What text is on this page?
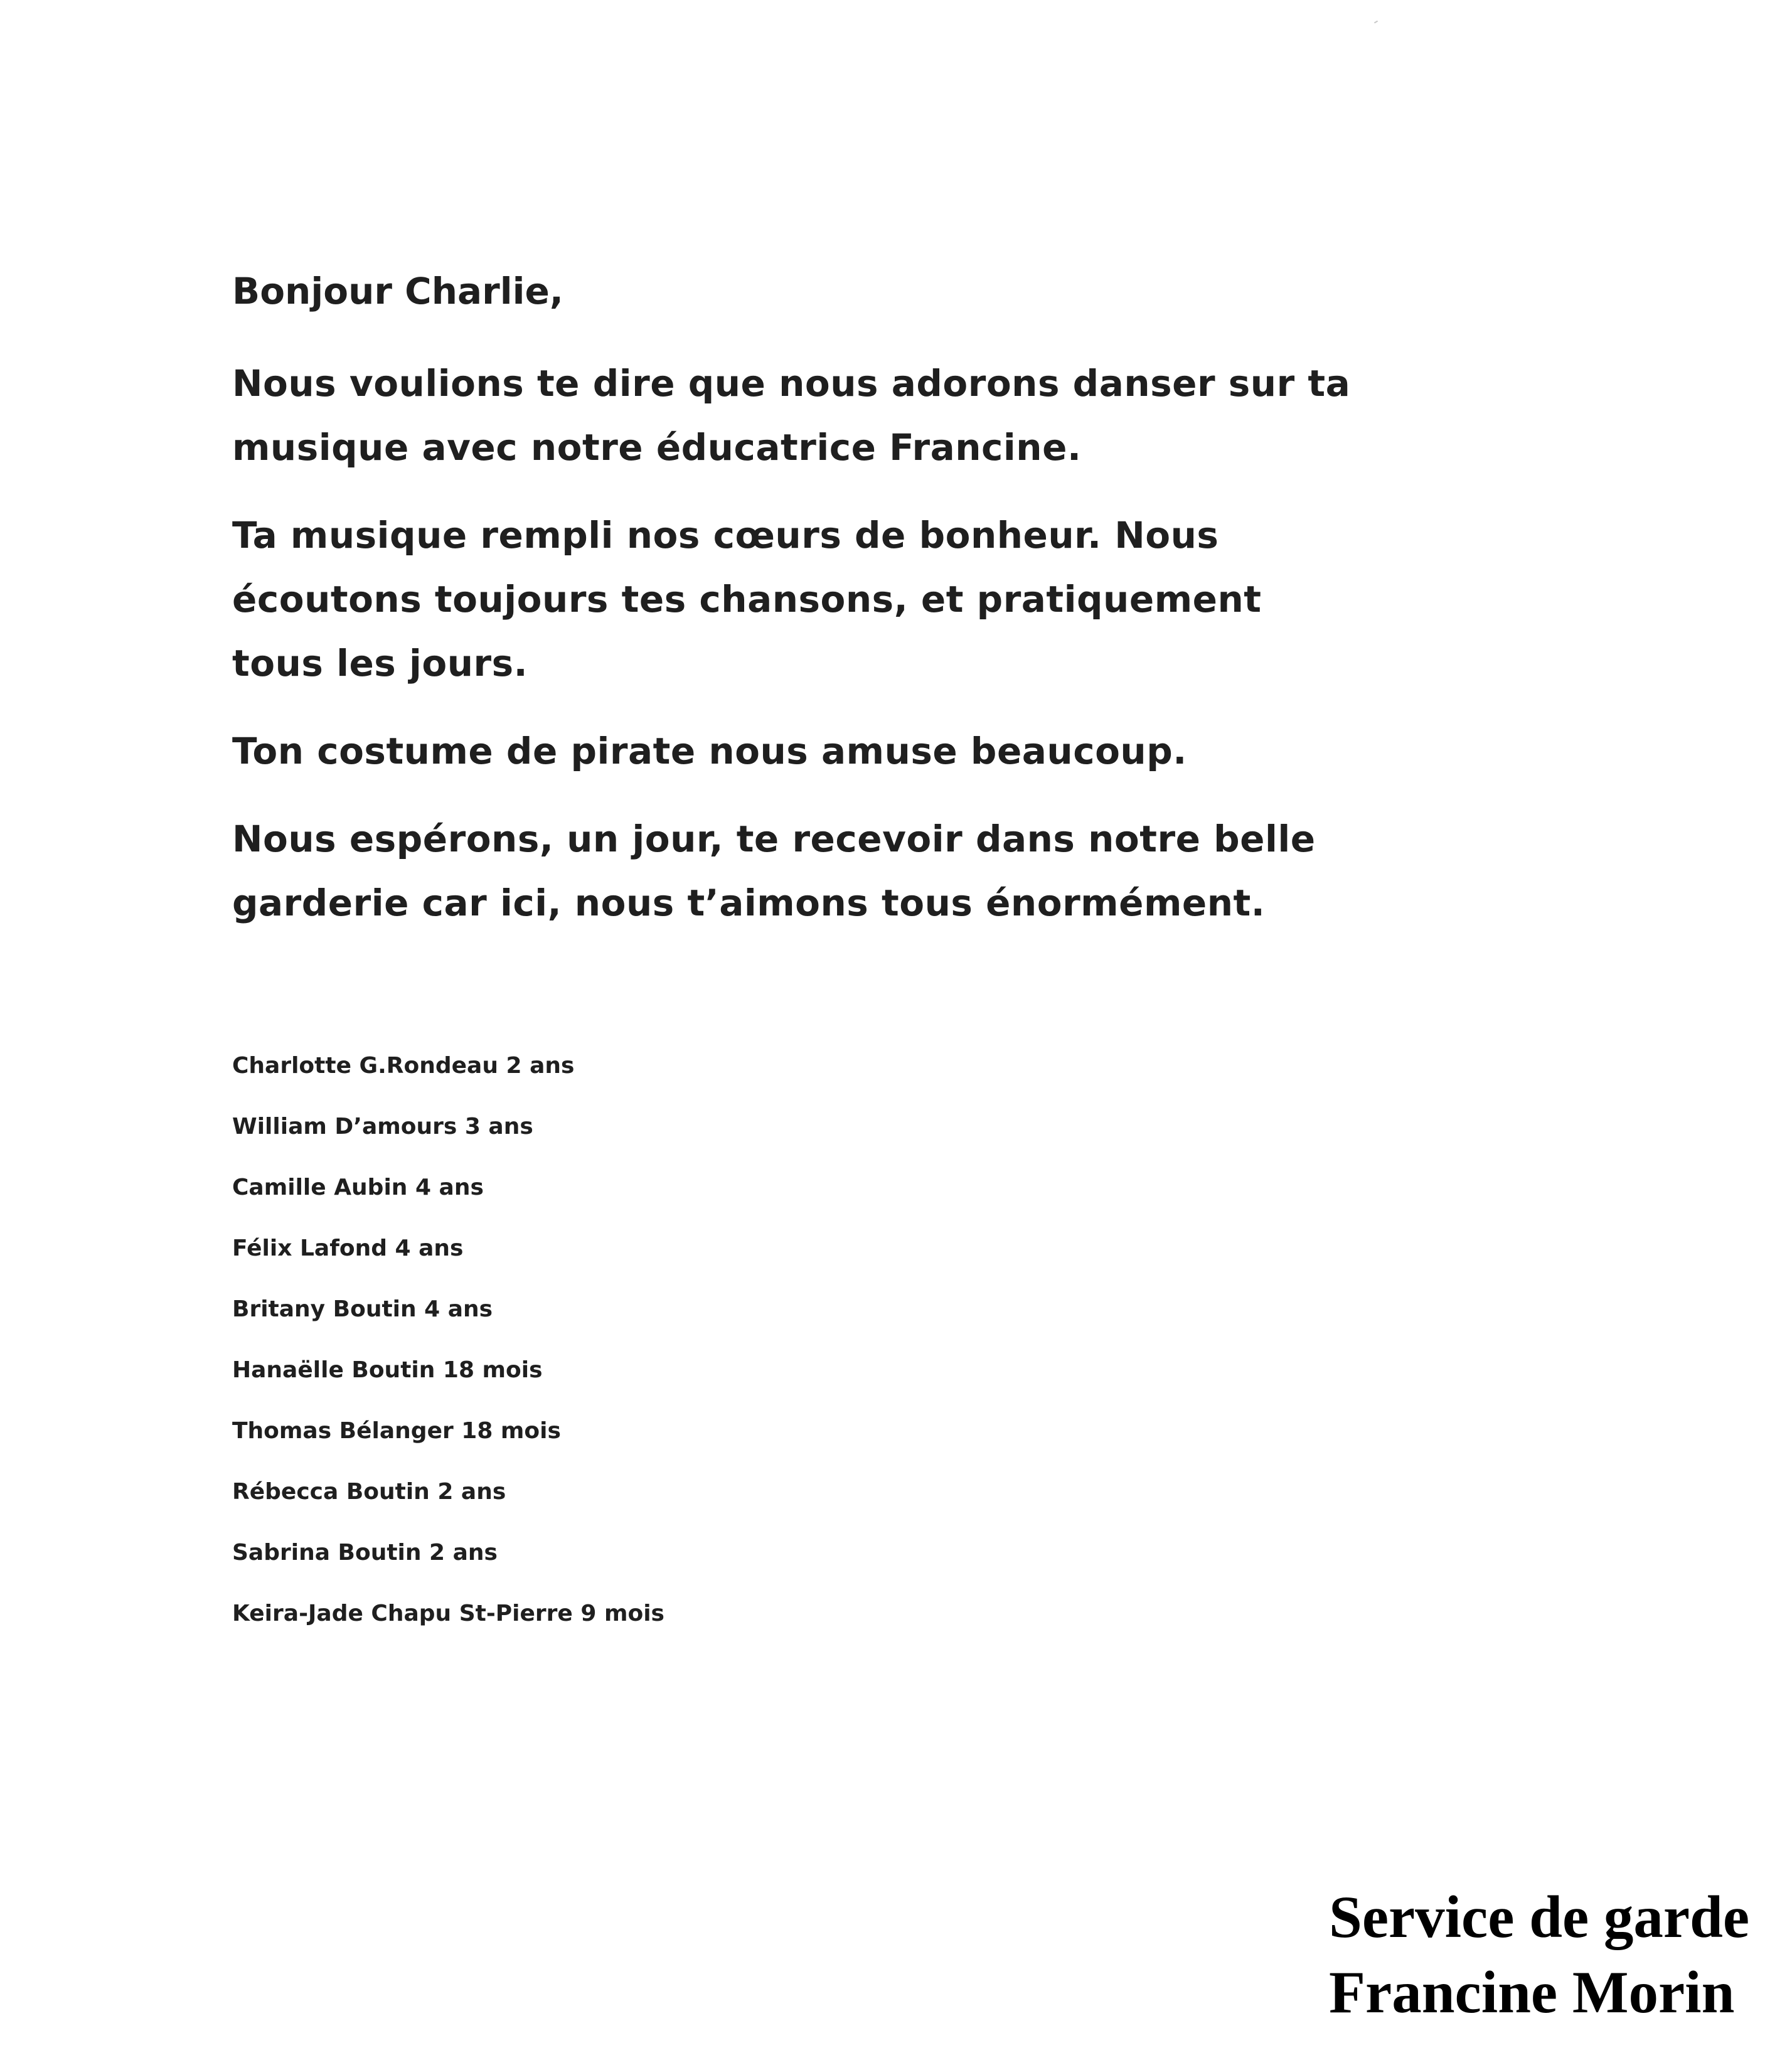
Bonjour Charlie,
Nous voulions te dire que nous adorons danser sur ta musique avec notre éducatrice Francine.
Ta musique rempli nos cœurs de bonheur. Nous écoutons toujours tes chansons, et pratiquement tous les jours.
Ton costume de pirate nous amuse beaucoup.
Nous espérons, un jour, te recevoir dans notre belle garderie car ici, nous t’aimons tous énormément.
Charlotte G.Rondeau 2 ans
William D’amours 3 ans
Camille Aubin 4 ans
Félix Lafond 4 ans
Britany Boutin 4 ans
Hanaëlle Boutin 18 mois
Thomas Bélanger 18 mois
Rébecca Boutin 2 ans
Sabrina Boutin 2 ans
Keira-Jade Chapu St-Pierre 9 mois
Service de garde
Francine Morin
